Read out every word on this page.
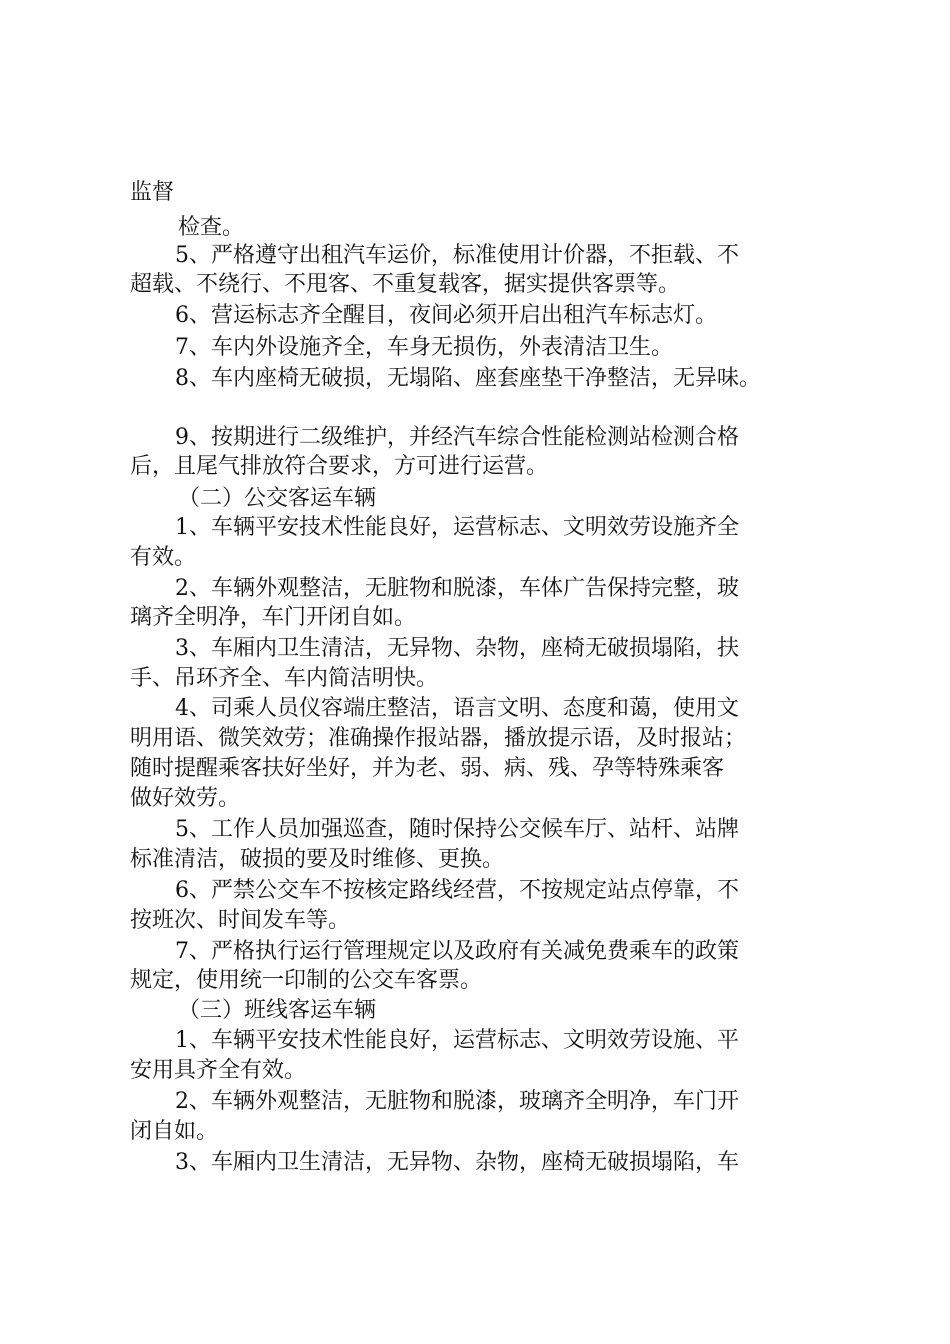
监督

检查。

5、严格遵守出租汽车运价，标准使用计价器，不拒载、不

超载、不绕行、不甩客、不重复载客，据实提供客票等。

6、营运标志齐全醒目，夜间必须开启出租汽车标志灯。

7、车内外设施齐全，车身无损伤，外表清洁卫生。

8、车内座椅无破损，无塌陷、座套座垫干净整洁，无异味。

9、按期进行二级维护，并经汽车综合性能检测站检测合格

后，且尾气排放符合要求，方可进行运营。

（二）公交客运车辆

1、车辆平安技术性能良好，运营标志、文明效劳设施齐全

有效。

2、车辆外观整洁，无脏物和脱漆，车体广告保持完整，玻

璃齐全明净，车门开闭自如。

3、车厢内卫生清洁，无异物、杂物，座椅无破损塌陷，扶

手、吊环齐全、车内简洁明快。

4、司乘人员仪容端庄整洁，语言文明、态度和蔼，使用文

明用语、微笑效劳；准确操作报站器，播放提示语，及时报站；

随时提醒乘客扶好坐好，并为老、弱、病、残、孕等特殊乘客

做好效劳。

5、工作人员加强巡查，随时保持公交候车厅、站杆、站牌

标准清洁，破损的要及时维修、更换。

6、严禁公交车不按核定路线经营，不按规定站点停靠，不

按班次、时间发车等。

7、严格执行运行管理规定以及政府有关减免费乘车的政策

规定，使用统一印制的公交车客票。

（三）班线客运车辆

1、车辆平安技术性能良好，运营标志、文明效劳设施、平

安用具齐全有效。

2、车辆外观整洁，无脏物和脱漆，玻璃齐全明净，车门开

闭自如。

3、车厢内卫生清洁，无异物、杂物，座椅无破损塌陷，车
